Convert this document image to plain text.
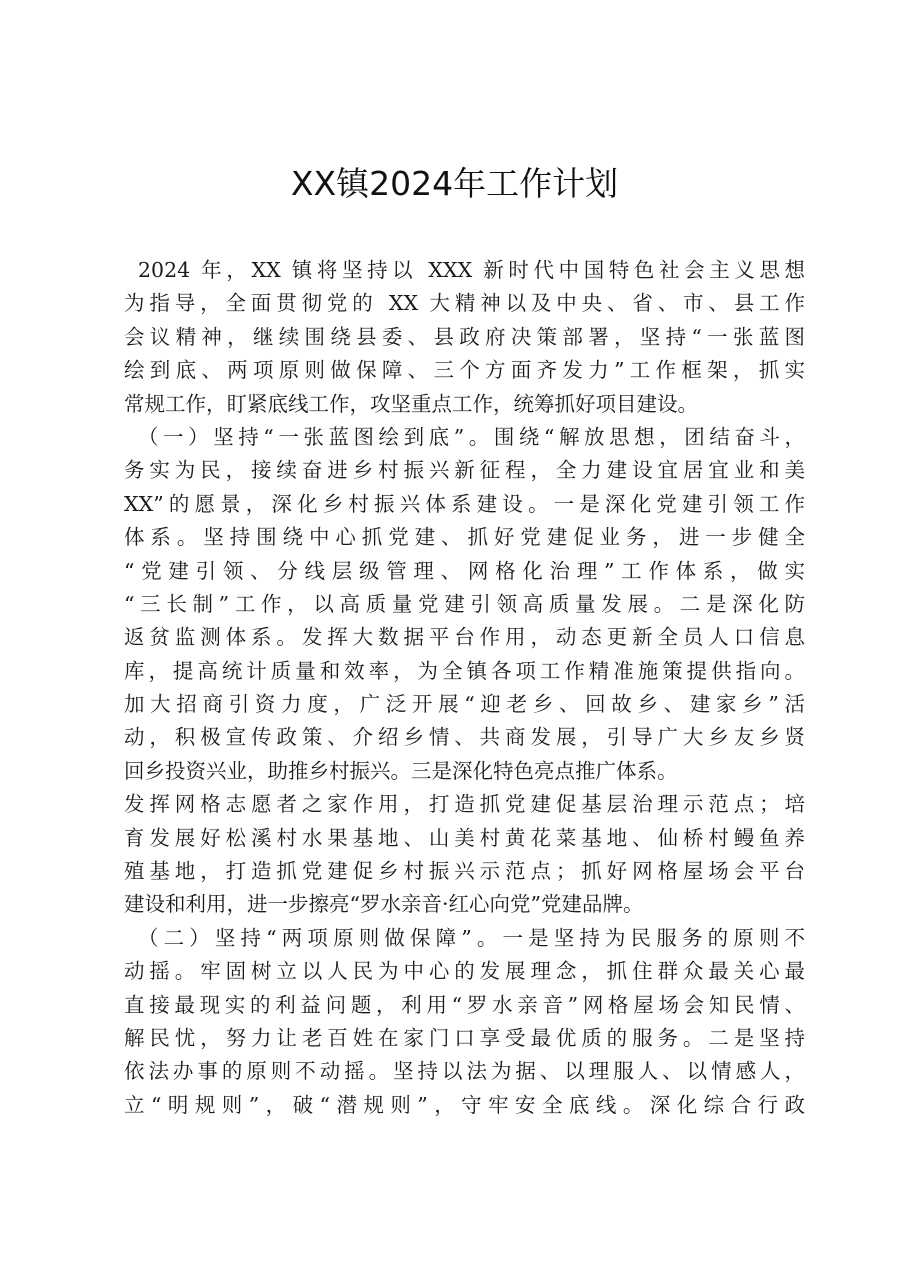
XX镇2024年工作计划
2024 年，XX 镇将坚持以 XXX 新时代中国特色社会主义思想
为指导，全面贯彻党的 XX 大精神以及中央、省、市、县工作
会议精神，继续围绕县委、县政府决策部署，坚持“一张蓝图
绘到底、两项原则做保障、三个方面齐发力”工作框架，抓实
常规工作，盯紧底线工作，攻坚重点工作，统筹抓好项目建设。
（一）坚持“一张蓝图绘到底”。围绕“解放思想，团结奋斗，
务实为民，接续奋进乡村振兴新征程，全力建设宜居宜业和美
XX”的愿景，深化乡村振兴体系建设。一是深化党建引领工作
体系。坚持围绕中心抓党建、抓好党建促业务，进一步健全
“党建引领、分线层级管理、网格化治理”工作体系，做实
“三长制”工作，以高质量党建引领高质量发展。二是深化防
返贫监测体系。发挥大数据平台作用，动态更新全员人口信息
库，提高统计质量和效率，为全镇各项工作精准施策提供指向。
加大招商引资力度，广泛开展“迎老乡、回故乡、建家乡”活
动，积极宣传政策、介绍乡情、共商发展，引导广大乡友乡贤
回乡投资兴业，助推乡村振兴。三是深化特色亮点推广体系。
发挥网格志愿者之家作用，打造抓党建促基层治理示范点；培
育发展好松溪村水果基地、山美村黄花菜基地、仙桥村鳗鱼养
殖基地，打造抓党建促乡村振兴示范点；抓好网格屋场会平台
建设和利用，进一步擦亮“罗水亲音·红心向党”党建品牌。
（二）坚持“两项原则做保障”。一是坚持为民服务的原则不
动摇。牢固树立以人民为中心的发展理念，抓住群众最关心最
直接最现实的利益问题，利用“罗水亲音”网格屋场会知民情、
解民忧，努力让老百姓在家门口享受最优质的服务。二是坚持
依法办事的原则不动摇。坚持以法为据、以理服人、以情感人，
立“明规则”，破“潜规则”，守牢安全底线。深化综合行政
